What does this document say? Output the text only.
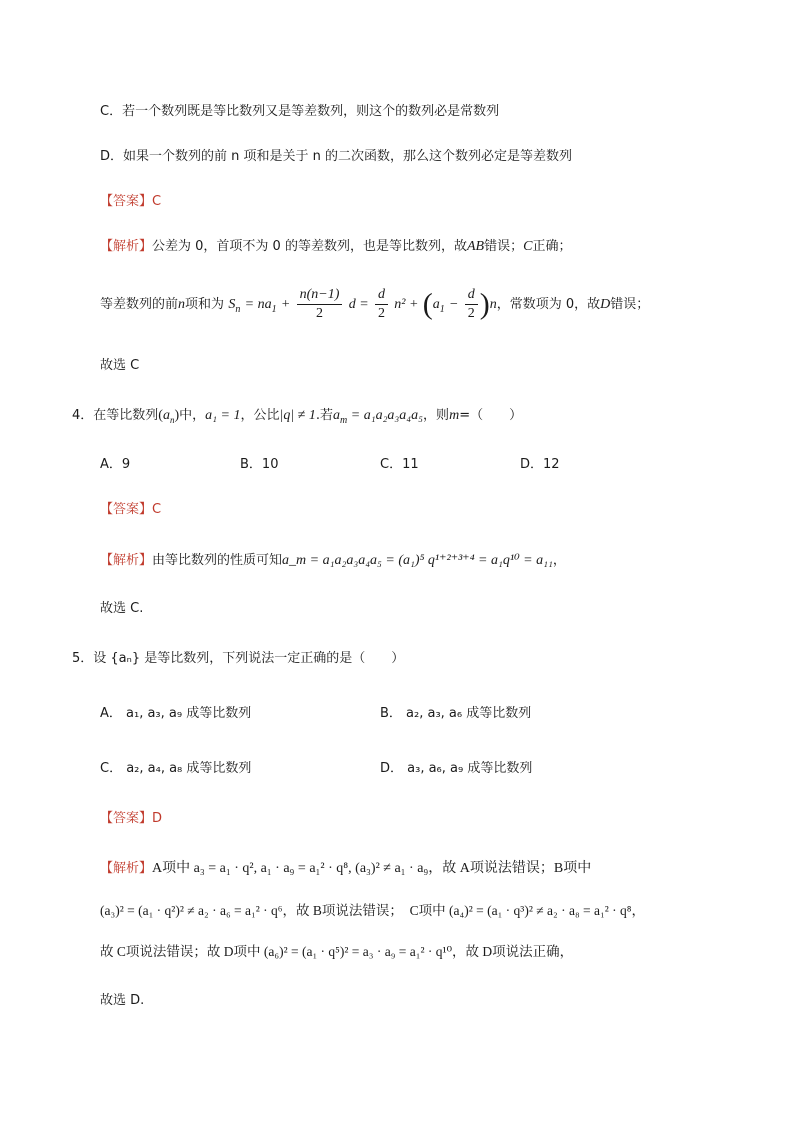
C．若一个数列既是等比数列又是等差数列，则这个的数列必是常数列
D．如果一个数列的前 n 项和是关于 n 的二次函数，那么这个数列必定是等差数列
【答案】C
【解析】公差为 0，首项不为 0 的等差数列，也是等比数列，故AB错误；C正确；
等差数列的前n项和为 $S_n = na_1 + \frac{n(n-1)}{2}$ $d = \frac{d}{2} n^2 + (a_1 - \frac{d}{2} )n$，常数项为 0，故D错误；
故选 C
4．在等比数列$(a_n)$中，a₁ = 1，公比|q| ≠ 1.若$a_m = a_1a_2a_3a_4a_5$，则m=（　　）
A．9	B．10	C．11	D．12
【答案】C
【解析】由等比数列的性质可知a_m = a₁a₂a₃a₄a₅ = (a₁)⁵ q¹⁺²⁺³⁺⁴ = a₁q¹⁰ = a₁₁，
故选 C.
5．设 {aₙ} 是等比数列，下列说法一定正确的是（　　）
A． a₁, a₃, a₉ 成等比数列	B． a₂, a₃, a₆ 成等比数列
C． a₂, a₄, a₈ 成等比数列	D． a₃, a₆, a₉ 成等比数列
【答案】D
【解析】A项中 a₃ = a₁ · q², a₁ · a₉ = a₁² · q⁸, (a₃)² ≠ a₁ · a₉，故 A项说法错误；B项中
(a₃)² = (a₁ · q²)² ≠ a₂ · a₆ = a₁² · q⁶，故 B项说法错误；　C项中 (a₄)² = (a₁ · q³)² ≠ a₂ · a₈ = a₁² · q⁸，
故 C项说法错误；故 D项中 (a₆)² = (a₁ · q⁵)² = a₃ · a₉ = a₁² · q¹⁰，故 D项说法正确，
故选 D.
